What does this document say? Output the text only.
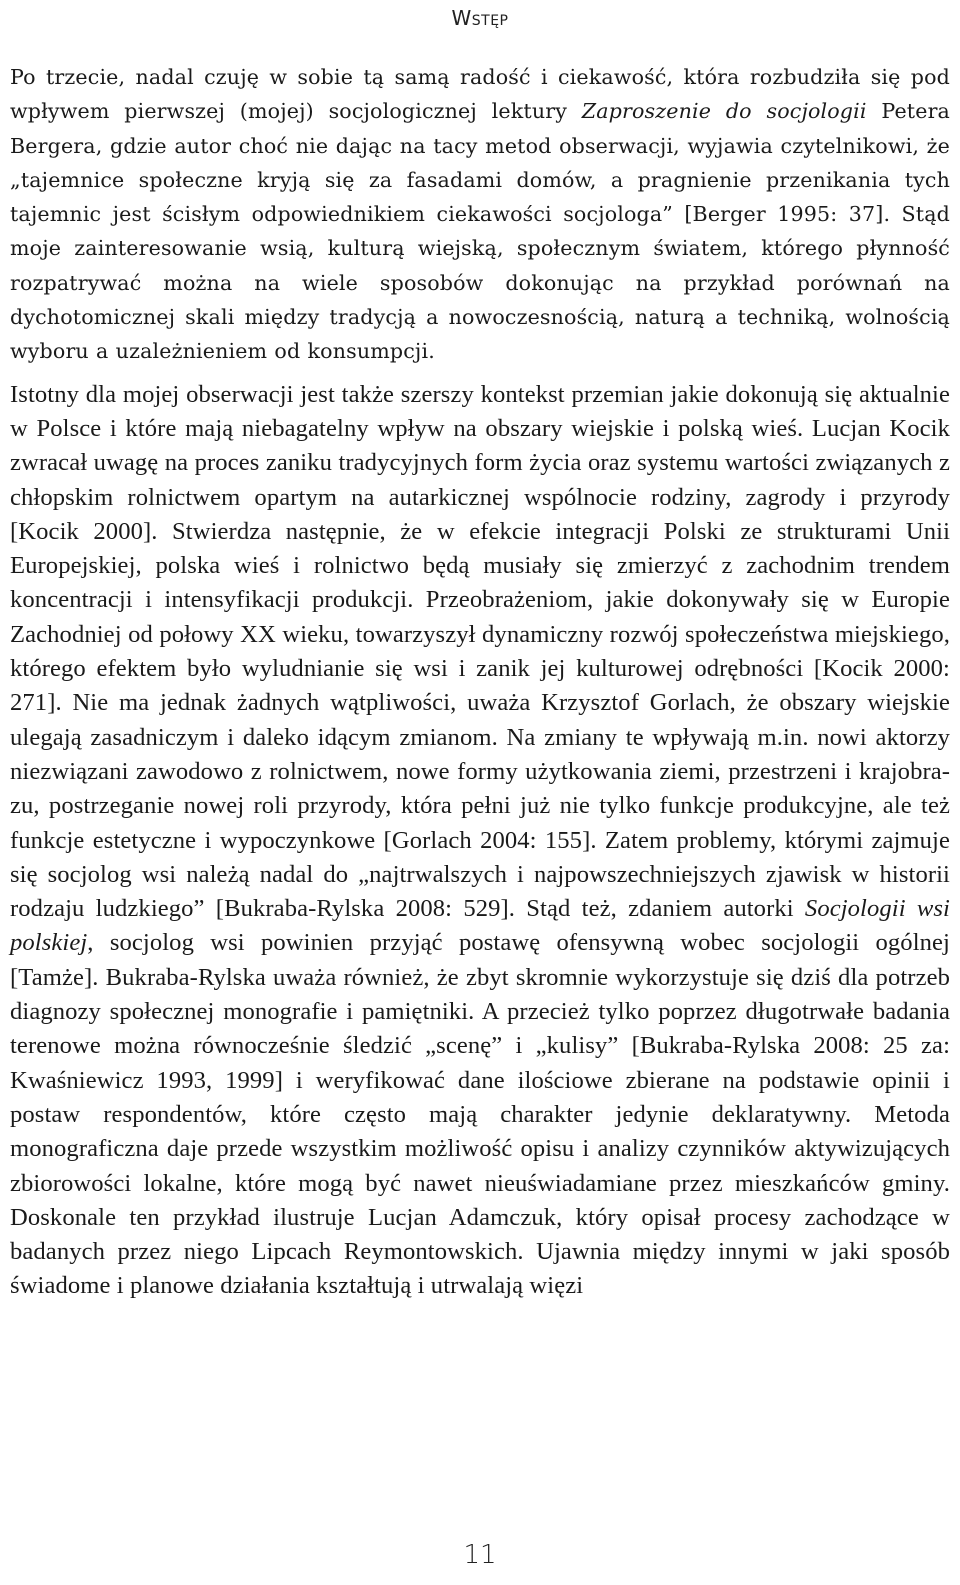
Wstęp

Po trzecie, nadal czuję w sobie tą samą radość i ciekawość, która rozbudziła się pod wpływem pierwszej (mojej) socjologicznej lektury Zaproszenie do socjologii Petera Bergera, gdzie autor choć nie dając na tacy metod obserwacji, wyjawia czytelnikowi, że „tajemnice społeczne kryją się za fasadami domów, a pragnienie przenikania tych tajemnic jest ścisłym odpowiednikiem ciekawości socjologa” [Berger 1995: 37]. Stąd moje zainteresowanie wsią, kulturą wiejską, społecznym światem, którego płynność rozpatrywać można na wiele sposobów dokonując na przykład porównań na dychotomicznej skali między tradycją a nowoczesnością, naturą a techniką, wolnością wyboru a uzależnieniem od konsumpcji.

Istotny dla mojej obserwacji jest także szerszy kontekst przemian jakie dokonują się aktualnie w Polsce i które mają niebagatelny wpływ na obszary wiejskie i polską wieś. Lucjan Kocik zwracał uwagę na proces zaniku tradycyjnych form życia oraz systemu wartości związanych z chłopskim rolnictwem opartym na autarkicznej wspólnocie rodziny, zagrody i przyrody [Kocik 2000]. Stwierdza następnie, że w efekcie integracji Polski ze strukturami Unii Europejskiej, polska wieś i rolnictwo będą musiały się zmierzyć z zachodnim trendem koncentracji i intensyfikacji produkcji. Przeobrażeniom, jakie dokonywały się w Europie Zachodniej od połowy XX wieku, towarzyszył dynamiczny rozwój społeczeństwa miejskiego, którego efektem było wyludnianie się wsi i zanik jej kulturowej odrębności [Kocik 2000: 271]. Nie ma jednak żadnych wątpliwości, uważa Krzysztof Gorlach, że obszary wiejskie ulegają zasadniczym i daleko idącym zmianom. Na zmiany te wpływają m.in. nowi aktorzy niezwiązani zawodowo z rolnictwem, nowe formy użytkowania ziemi, przestrzeni i krajobrazu, postrzeganie nowej roli przyrody, która pełni już nie tylko funkcje produkcyjne, ale też funkcje estetyczne i wypoczynkowe [Gorlach 2004: 155]. Zatem problemy, którymi zajmuje się socjolog wsi należą nadal do „najtrwalszych i najpowszechniejszych zjawisk w historii rodzaju ludzkiego” [Bukraba-Rylska 2008: 529]. Stąd też, zdaniem autorki Socjologii wsi polskiej, socjolog wsi powinien przyjąć postawę ofensywną wobec socjologii ogólnej [Tamże]. Bukraba-Rylska uważa również, że zbyt skromnie wykorzystuje się dziś dla potrzeb diagnozy społecznej monografie i pamiętniki. A przecież tylko poprzez długotrwałe badania terenowe można równocześnie śledzić „scenę” i „kulisy” [Bukraba-Rylska 2008: 25 za: Kwaśniewicz 1993, 1999] i weryfikować dane ilościowe zbierane na podstawie opinii i postaw respondentów, które często mają charakter jedynie deklaratywny. Metoda monograficzna daje przede wszystkim możliwość opisu i analizy czynników aktywizujących zbiorowości lokalne, które mogą być nawet nieuświadamiane przez mieszkańców gminy. Doskonale ten przykład ilustruje Lucjan Adamczuk, który opisał procesy zachodzące w badanych przez niego Lipcach Reymontowskich. Ujawnia między innymi w jaki sposób świadome i planowe działania kształtują i utrwalają więzi

11
